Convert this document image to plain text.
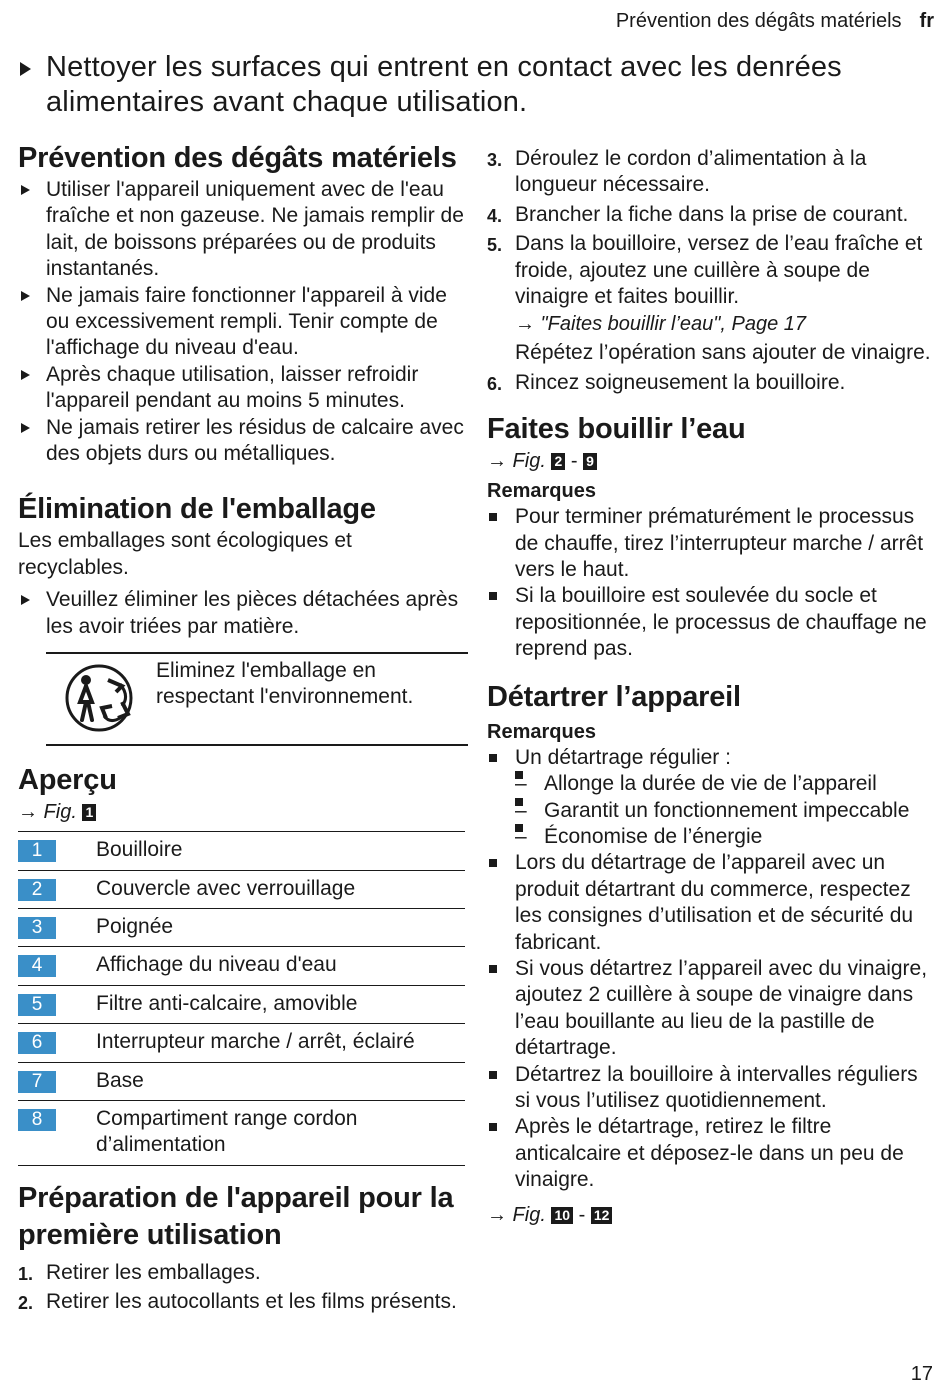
Prévention des dégâts matériels fr
Nettoyer les surfaces qui entrent en contact avec les denrées alimentaires avant chaque utilisation.
Prévention des dégâts matériels
Utiliser l'appareil uniquement avec de l'eau fraîche et non gazeuse. Ne jamais remplir de lait, de boissons préparées ou de produits instantanés.
Ne jamais faire fonctionner l'appareil à vide ou excessivement rempli. Tenir compte de l'affichage du niveau d'eau.
Après chaque utilisation, laisser refroidir l'appareil pendant au moins 5 minutes.
Ne jamais retirer les résidus de calcaire avec des objets durs ou métalliques.
Élimination de l'emballage

Les emballages sont écologiques et recyclables.

Veuillez éliminer les pièces détachées après les avoir triées par matière.
Eliminez l'emballage en respectant l'environnement.
Aperçu
→ Fig. 1
1	Bouilloire
2	Couvercle avec verrouillage
3	Poignée
4	Affichage du niveau d'eau
5	Filtre anti-calcaire, amovible
6	Interrupteur marche / arrêt, éclairé
7	Base
8	Compartiment range cordon d’alimentation
Préparation de l'appareil pour la première utilisation
1. Retirer les emballages.
2. Retirer les autocollants et les films présents.
3. Déroulez le cordon d’alimentation à la longueur nécessaire.
4. Brancher la fiche dans la prise de courant.
5. Dans la bouilloire, versez de l’eau fraîche et froide, ajoutez une cuillère à soupe de vinaigre et faites bouillir.
→ "Faites bouillir l’eau", Page 17
Répétez l’opération sans ajouter de vinaigre.
6. Rincez soigneusement la bouilloire.
Faites bouillir l’eau
→ Fig. 2 - 9
Remarques
Pour terminer prématurément le processus de chauffe, tirez l’interrupteur marche / arrêt vers le haut.
Si la bouilloire est soulevée du socle et repositionnée, le processus de chauffage ne reprend pas.
Détartrer l’appareil
Remarques
Un détartrage régulier :
– Allonge la durée de vie de l’appareil
– Garantit un fonctionnement impeccable
– Économise de l’énergie
Lors du détartrage de l’appareil avec un produit détartrant du commerce, respectez les consignes d’utilisation et de sécurité du fabricant.
Si vous détartrez l’appareil avec du vinaigre, ajoutez 2 cuillère à soupe de vinaigre dans l’eau bouillante au lieu de la pastille de détartrage.
Détartrez la bouilloire à intervalles réguliers si vous l’utilisez quotidiennement.
Après le détartrage, retirez le filtre anticalcaire et déposez-le dans un peu de vinaigre.
→ Fig. 10 - 12
17
